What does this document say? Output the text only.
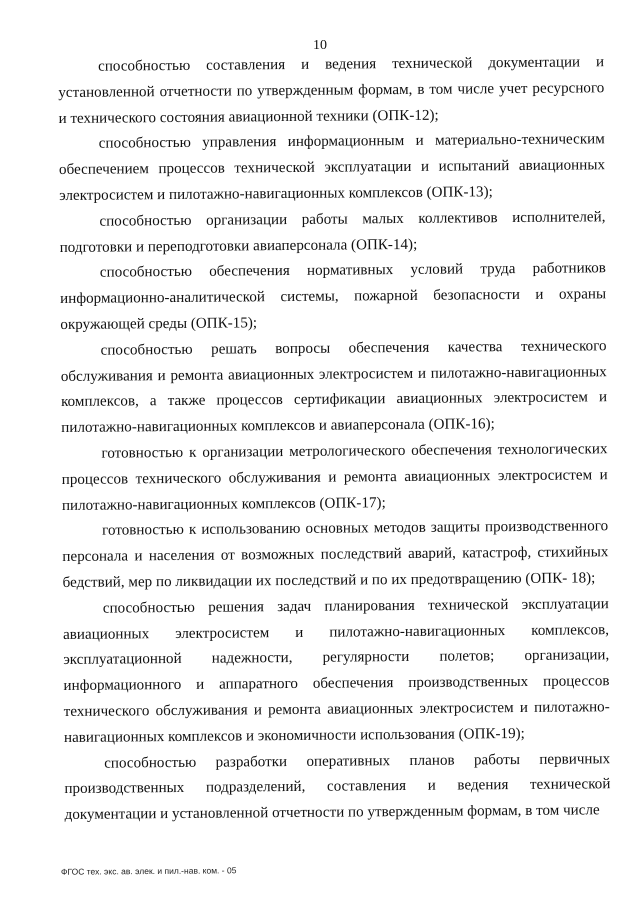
10

способностью составления и ведения технической документации и установленной отчетности по утвержденным формам, в том числе учет ресурсного и технического состояния авиационной техники (ОПК-12);

способностью управления информационным и материально-техническим обеспечением процессов технической эксплуатации и испытаний авиационных электросистем и пилотажно-навигационных комплексов (ОПК-13);

способностью организации работы малых коллективов исполнителей, подготовки и переподготовки авиаперсонала (ОПК-14);

способностью обеспечения нормативных условий труда работников информационно-аналитической системы, пожарной безопасности и охраны окружающей среды (ОПК-15);

способностью решать вопросы обеспечения качества технического обслуживания и ремонта авиационных электросистем и пилотажно-навигационных комплексов, а также процессов сертификации авиационных электросистем и пилотажно-навигационных комплексов и авиаперсонала (ОПК-16);

готовностью к организации метрологического обеспечения технологических процессов технического обслуживания и ремонта авиационных электросистем и пилотажно-навигационных комплексов (ОПК-17);

готовностью к использованию основных методов защиты производственного персонала и населения от возможных последствий аварий, катастроф, стихийных бедствий, мер по ликвидации их последствий и по их предотвращению (ОПК- 18);

способностью решения задач планирования технической эксплуатации авиационных электросистем и пилотажно-навигационных комплексов, эксплуатационной надежности, регулярности полетов; организации, информационного и аппаратного обеспечения производственных процессов технического обслуживания и ремонта авиационных электросистем и пилотажно-навигационных комплексов и экономичности использования (ОПК-19);

способностью разработки оперативных планов работы первичных производственных подразделений, составления и ведения технической документации и установленной отчетности по утвержденным формам, в том числе

ФГОС тех. экс. ав. элек. и пил.-нав. ком. - 05
